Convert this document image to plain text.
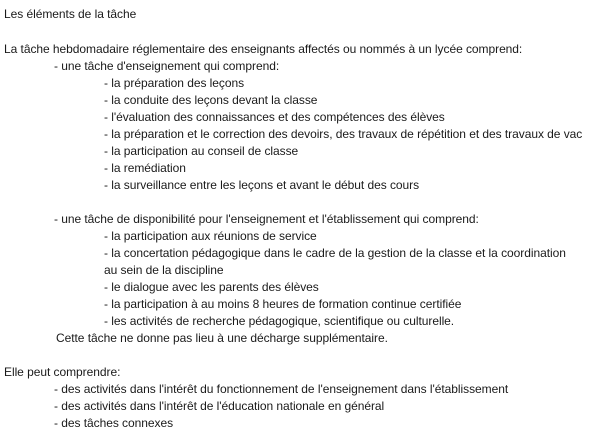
Les éléments de la tâche
La tâche hebdomadaire réglementaire des enseignants affectés ou nommés à un lycée comprend:
- une tâche d'enseignement qui comprend:
- la préparation des leçons
- la conduite des leçons devant la classe
- l'évaluation des connaissances et des compétences des élèves
- la préparation et le correction des devoirs, des travaux de répétition et des travaux de vac
- la participation au conseil de classe
- la remédiation
- la surveillance entre les leçons et avant le début des cours
- une tâche de disponibilité pour l'enseignement et l'établissement qui comprend:
- la participation aux réunions de service
- la concertation pédagogique dans le cadre de la gestion de la classe et la coordination
au sein de la discipline
- le dialogue avec les parents des élèves
- la participation à au moins 8 heures de formation continue certifiée
- les activités de recherche pédagogique, scientifique ou culturelle.
Cette tâche ne donne pas lieu à une décharge supplémentaire.
Elle peut comprendre:
- des activités dans l'intérêt du fonctionnement de l'enseignement dans l'établissement
- des activités dans l'intérêt de l'éducation nationale en général
- des tâches connexes
